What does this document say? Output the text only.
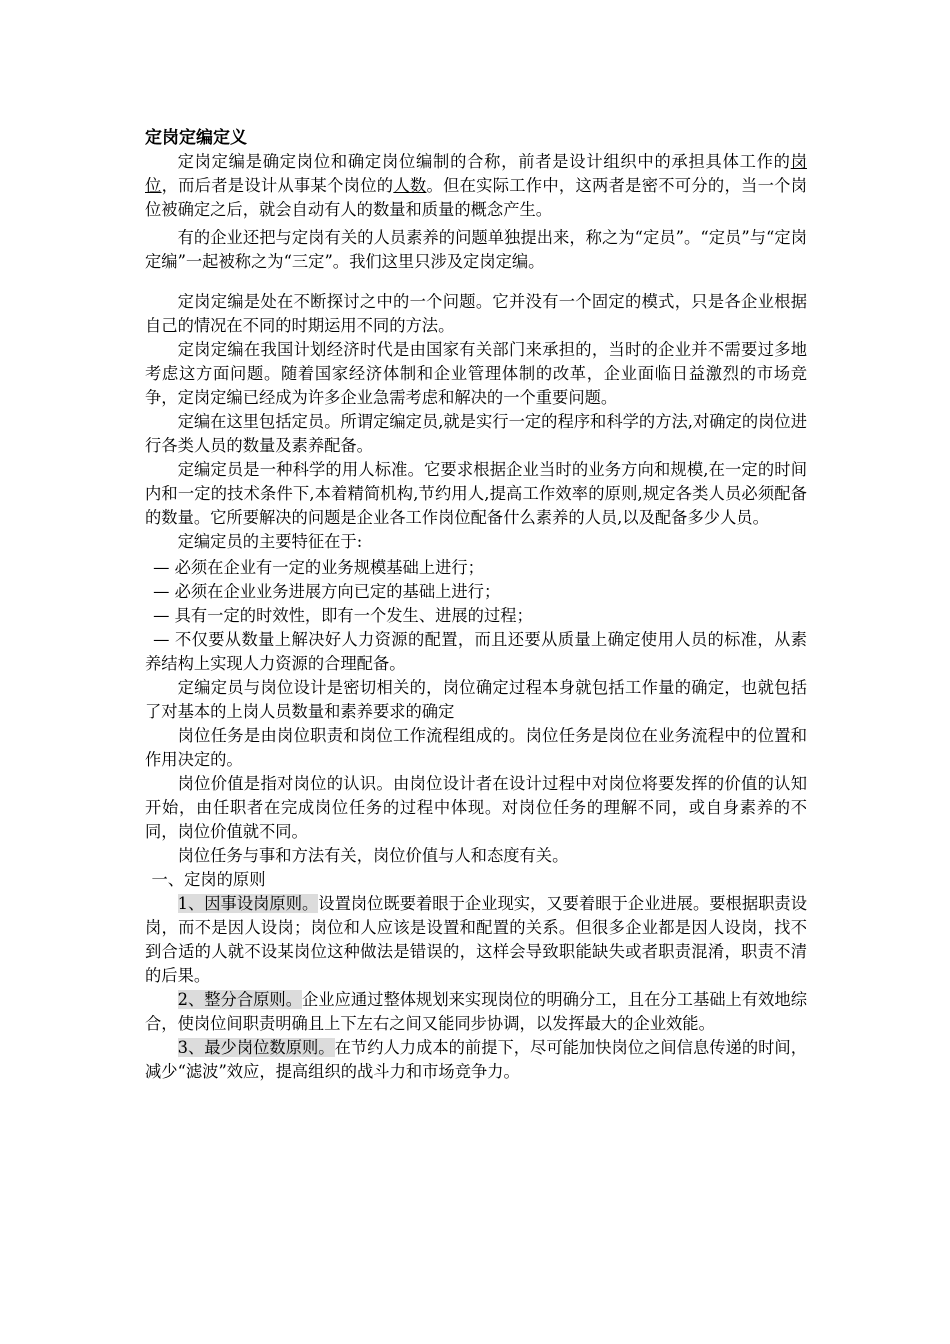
定岗定编定义

定岗定编是确定岗位和确定岗位编制的合称，前者是设计组织中的承担具体工作的岗位，而后者是设计从事某个岗位的人数。但在实际工作中，这两者是密不可分的，当一个岗位被确定之后，就会自动有人的数量和质量的概念产生。

有的企业还把与定岗有关的人员素养的问题单独提出来，称之为“定员”。“定员”与“定岗定编”一起被称之为“三定”。我们这里只涉及定岗定编。

定岗定编是处在不断探讨之中的一个问题。它并没有一个固定的模式，只是各企业根据自己的情况在不同的时期运用不同的方法。

定岗定编在我国计划经济时代是由国家有关部门来承担的，当时的企业并不需要过多地考虑这方面问题。随着国家经济体制和企业管理体制的改革，企业面临日益激烈的市场竞争，定岗定编已经成为许多企业急需考虑和解决的一个重要问题。

定编在这里包括定员。所谓定编定员,就是实行一定的程序和科学的方法,对确定的岗位进行各类人员的数量及素养配备。

定编定员是一种科学的用人标准。它要求根据企业当时的业务方向和规模,在一定的时间内和一定的技术条件下,本着精简机构,节约用人,提高工作效率的原则,规定各类人员必须配备的数量。它所要解决的问题是企业各工作岗位配备什么素养的人员,以及配备多少人员。

定编定员的主要特征在于:

— 必须在企业有一定的业务规模基础上进行；

— 必须在企业业务进展方向已定的基础上进行；

— 具有一定的时效性，即有一个发生、进展的过程；

— 不仅要从数量上解决好人力资源的配置，而且还要从质量上确定使用人员的标准，从素养结构上实现人力资源的合理配备。

定编定员与岗位设计是密切相关的，岗位确定过程本身就包括工作量的确定，也就包括了对基本的上岗人员数量和素养要求的确定

岗位任务是由岗位职责和岗位工作流程组成的。岗位任务是岗位在业务流程中的位置和作用决定的。

岗位价值是指对岗位的认识。由岗位设计者在设计过程中对岗位将要发挥的价值的认知开始，由任职者在完成岗位任务的过程中体现。对岗位任务的理解不同，或自身素养的不同，岗位价值就不同。

岗位任务与事和方法有关，岗位价值与人和态度有关。

一、定岗的原则

1、因事设岗原则。设置岗位既要着眼于企业现实，又要着眼于企业进展。要根据职责设岗，而不是因人设岗；岗位和人应该是设置和配置的关系。但很多企业都是因人设岗，找不到合适的人就不设某岗位这种做法是错误的，这样会导致职能缺失或者职责混淆，职责不清的后果。

2、整分合原则。企业应通过整体规划来实现岗位的明确分工，且在分工基础上有效地综合，使岗位间职责明确且上下左右之间又能同步协调，以发挥最大的企业效能。

3、最少岗位数原则。在节约人力成本的前提下，尽可能加快岗位之间信息传递的时间，减少“滤波”效应，提高组织的战斗力和市场竞争力。
